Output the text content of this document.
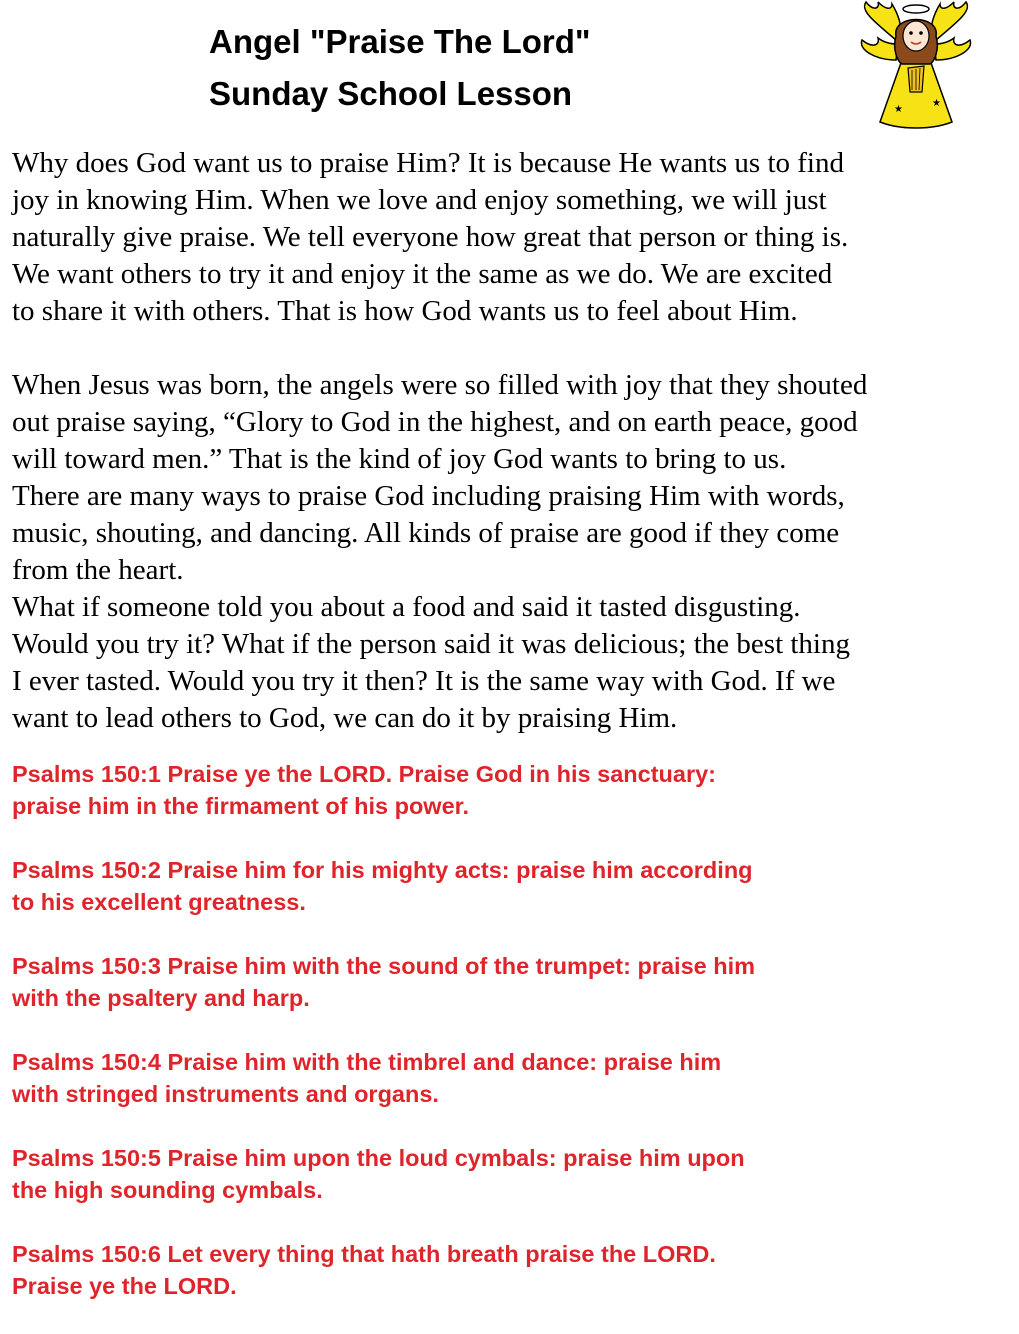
Angel "Praise The Lord"
Sunday School Lesson	★
★
Why does God want us to praise Him? It is because He wants us to find
joy in knowing Him. When we love and enjoy something, we will just
naturally give praise. We tell everyone how great that person or thing is.
We want others to try it and enjoy it the same as we do. We are excited
to share it with others. That is how God wants us to feel about Him.
When Jesus was born, the angels were so filled with joy that they shouted
out praise saying, “Glory to God in the highest, and on earth peace, good
will toward men.” That is the kind of joy God wants to bring to us.
There are many ways to praise God including praising Him with words,
music, shouting, and dancing. All kinds of praise are good if they come
from the heart.
What if someone told you about a food and said it tasted disgusting.
Would you try it? What if the person said it was delicious; the best thing
I ever tasted. Would you try it then? It is the same way with God. If we
want to lead others to God, we can do it by praising Him.
Psalms 150:1 Praise ye the LORD. Praise God in his sanctuary:
praise him in the firmament of his power.
Psalms 150:2 Praise him for his mighty acts: praise him according
to his excellent greatness.
Psalms 150:3 Praise him with the sound of the trumpet: praise him
with the psaltery and harp.
Psalms 150:4 Praise him with the timbrel and dance: praise him
with stringed instruments and organs.
Psalms 150:5 Praise him upon the loud cymbals: praise him upon
the high sounding cymbals.
Psalms 150:6 Let every thing that hath breath praise the LORD.
Praise ye the LORD.
